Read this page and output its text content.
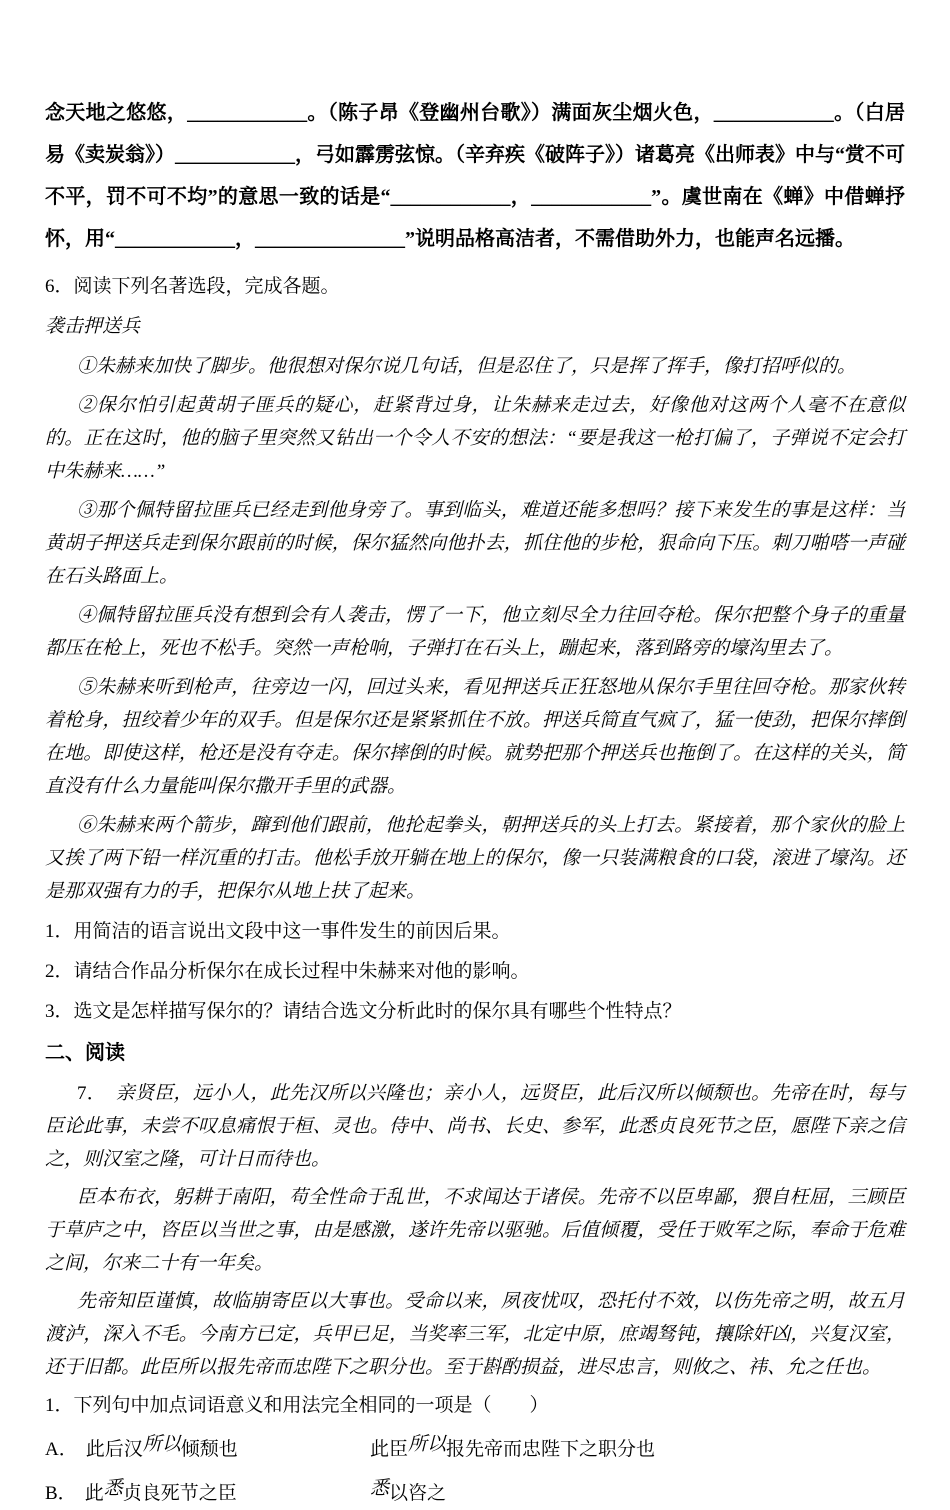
念天地之悠悠，____________。（陈子昂《登幽州台歌》）满面灰尘烟火色，____________。（白居易《卖炭翁》）____________，弓如霹雳弦惊。（辛弃疾《破阵子》）诸葛亮《出师表》中与“赏不可不平，罚不可不均”的意思一致的话是“____________，____________”。虞世南在《蝉》中借蝉抒怀，用“____________，_______________”说明品格高洁者，不需借助外力，也能声名远播。

6．阅读下列名著选段，完成各题。

袭击押送兵

①朱赫来加快了脚步。他很想对保尔说几句话，但是忍住了，只是挥了挥手，像打招呼似的。

②保尔怕引起黄胡子匪兵的疑心，赶紧背过身，让朱赫来走过去，好像他对这两个人毫不在意似的。正在这时，他的脑子里突然又钻出一个令人不安的想法：“要是我这一枪打偏了，子弹说不定会打中朱赫来……”

③那个佩特留拉匪兵已经走到他身旁了。事到临头，难道还能多想吗？接下来发生的事是这样：当黄胡子押送兵走到保尔跟前的时候，保尔猛然向他扑去，抓住他的步枪，狠命向下压。刺刀啪嗒一声碰在石头路面上。

④佩特留拉匪兵没有想到会有人袭击，愣了一下，他立刻尽全力往回夺枪。保尔把整个身子的重量都压在枪上，死也不松手。突然一声枪响，子弹打在石头上，蹦起来，落到路旁的壕沟里去了。

⑤朱赫来听到枪声，往旁边一闪，回过头来，看见押送兵正狂怒地从保尔手里往回夺枪。那家伙转着枪身，扭绞着少年的双手。但是保尔还是紧紧抓住不放。押送兵简直气疯了，猛一使劲，把保尔摔倒在地。即使这样，枪还是没有夺走。保尔摔倒的时候。就势把那个押送兵也拖倒了。在这样的关头，简直没有什么力量能叫保尔撒开手里的武器。

⑥朱赫来两个箭步，蹿到他们跟前，他抡起拳头，朝押送兵的头上打去。紧接着，那个家伙的脸上又挨了两下铅一样沉重的打击。他松手放开躺在地上的保尔，像一只装满粮食的口袋，滚进了壕沟。还是那双强有力的手，把保尔从地上扶了起来。

1．用简洁的语言说出文段中这一事件发生的前因后果。

2．请结合作品分析保尔在成长过程中朱赫来对他的影响。

3．选文是怎样描写保尔的？请结合选文分析此时的保尔具有哪些个性特点？

二、阅读

7．　亲贤臣，远小人，此先汉所以兴隆也；亲小人，远贤臣，此后汉所以倾颓也。先帝在时，每与臣论此事，未尝不叹息痛恨于桓、灵也。侍中、尚书、长史、参军，此悉贞良死节之臣，愿陛下亲之信之，则汉室之隆，可计日而待也。

臣本布衣，躬耕于南阳，苟全性命于乱世，不求闻达于诸侯。先帝不以臣卑鄙，猥自枉屈，三顾臣于草庐之中，咨臣以当世之事，由是感激，遂许先帝以驱驰。后值倾覆，受任于败军之际，奉命于危难之间，尔来二十有一年矣。

先帝知臣谨慎，故临崩寄臣以大事也。受命以来，夙夜忧叹，恐托付不效，以伤先帝之明，故五月渡泸，深入不毛。今南方已定，兵甲已足，当奖率三军，北定中原，庶竭驽钝，攘除奸凶，兴复汉室，还于旧都。此臣所以报先帝而忠陛下之职分也。至于斟酌损益，进尽忠言，则攸之、祎、允之任也。

1．下列句中加点词语意义和用法完全相同的一项是（　　）

A． 此后汉所以倾颓也	此臣所以报先帝而忠陛下之职分也
B． 此悉贞良死节之臣	悉以咨之
